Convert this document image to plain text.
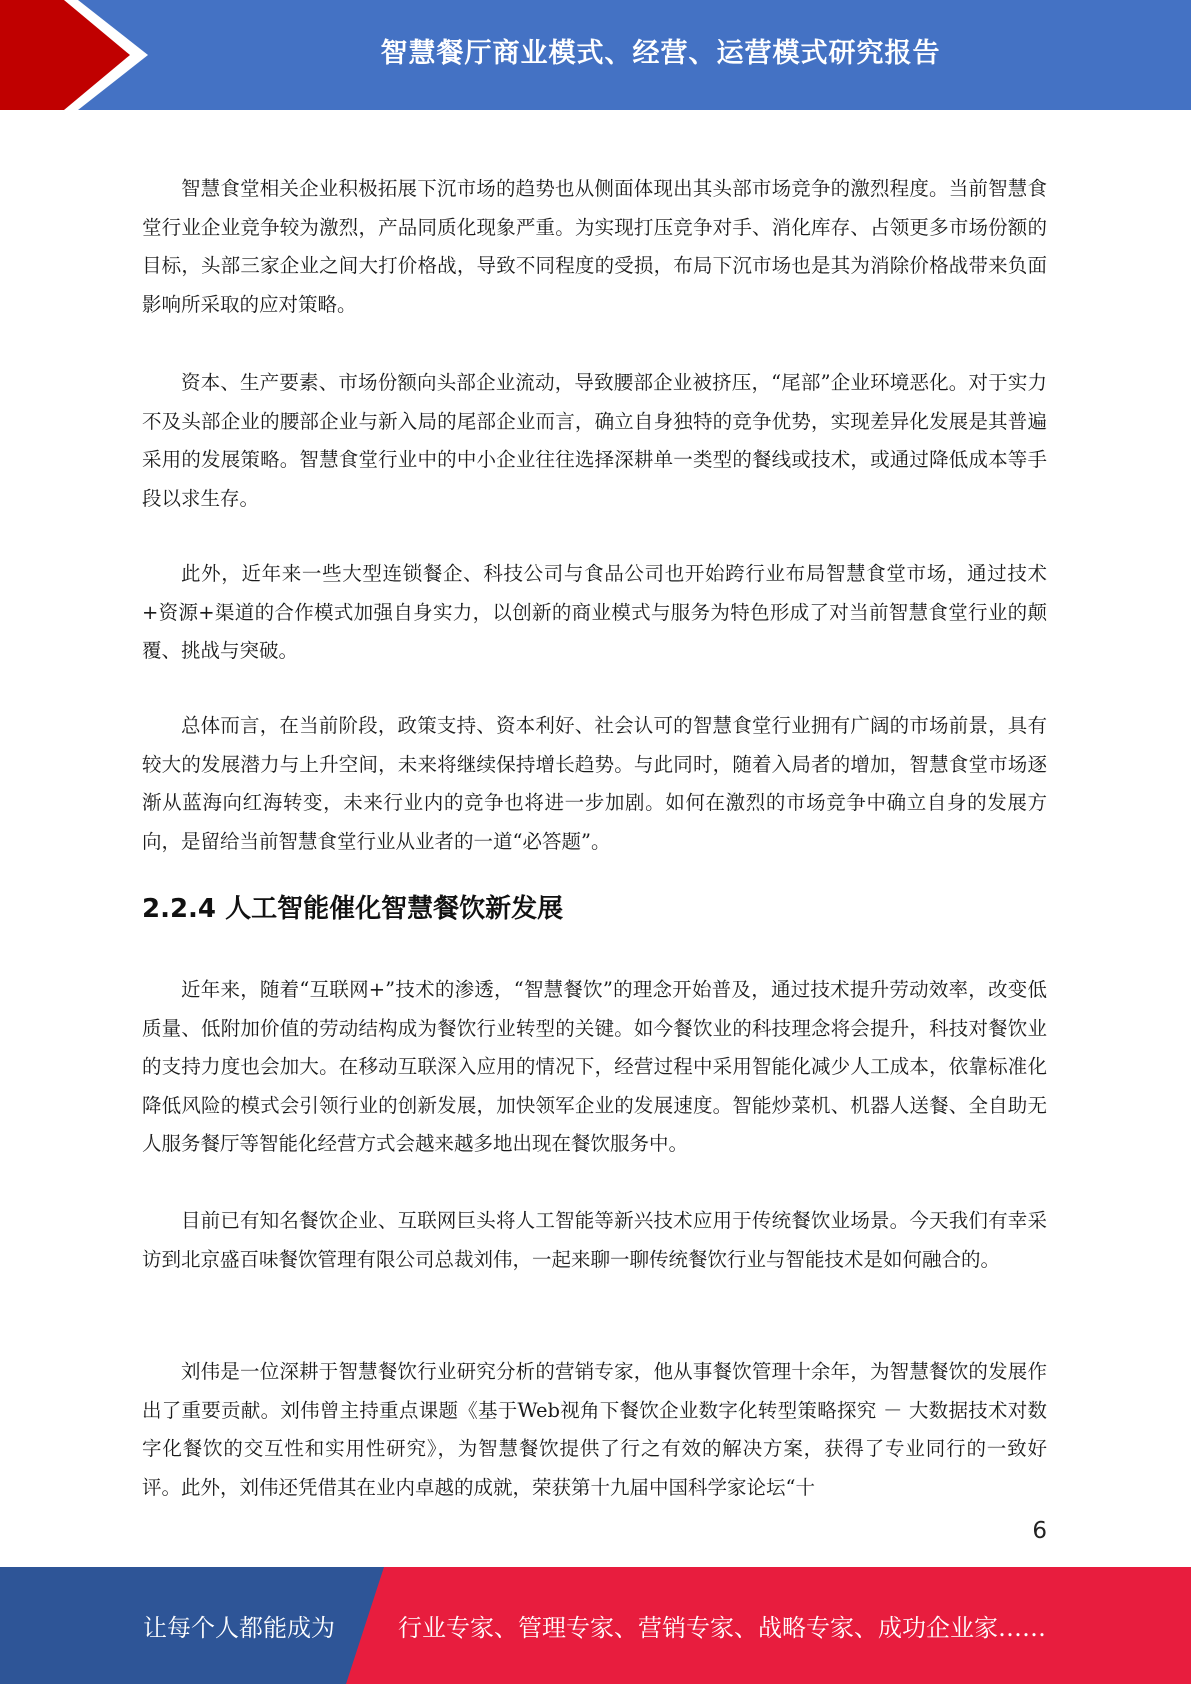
智慧餐厅商业模式、经营、运营模式研究报告

智慧食堂相关企业积极拓展下沉市场的趋势也从侧面体现出其头部市场竞争的激烈程度。当前智慧食堂行业企业竞争较为激烈，产品同质化现象严重。为实现打压竞争对手、消化库存、占领更多市场份额的目标，头部三家企业之间大打价格战，导致不同程度的受损，布局下沉市场也是其为消除价格战带来负面影响所采取的应对策略。

资本、生产要素、市场份额向头部企业流动，导致腰部企业被挤压，“尾部”企业环境恶化。对于实力不及头部企业的腰部企业与新入局的尾部企业而言，确立自身独特的竞争优势，实现差异化发展是其普遍采用的发展策略。智慧食堂行业中的中小企业往往选择深耕单一类型的餐线或技术，或通过降低成本等手段以求生存。

此外，近年来一些大型连锁餐企、科技公司与食品公司也开始跨行业布局智慧食堂市场，通过技术+资源+渠道的合作模式加强自身实力，以创新的商业模式与服务为特色形成了对当前智慧食堂行业的颠覆、挑战与突破。

总体而言，在当前阶段，政策支持、资本利好、社会认可的智慧食堂行业拥有广阔的市场前景，具有较大的发展潜力与上升空间，未来将继续保持增长趋势。与此同时，随着入局者的增加，智慧食堂市场逐渐从蓝海向红海转变，未来行业内的竞争也将进一步加剧。如何在激烈的市场竞争中确立自身的发展方向，是留给当前智慧食堂行业从业者的一道“必答题”。

2.2.4 人工智能催化智慧餐饮新发展

近年来，随着“互联网+”技术的渗透，“智慧餐饮”的理念开始普及，通过技术提升劳动效率，改变低质量、低附加价值的劳动结构成为餐饮行业转型的关键。如今餐饮业的科技理念将会提升，科技对餐饮业的支持力度也会加大。在移动互联深入应用的情况下，经营过程中采用智能化减少人工成本，依靠标准化降低风险的模式会引领行业的创新发展，加快领军企业的发展速度。智能炒菜机、机器人送餐、全自助无人服务餐厅等智能化经营方式会越来越多地出现在餐饮服务中。

目前已有知名餐饮企业、互联网巨头将人工智能等新兴技术应用于传统餐饮业场景。今天我们有幸采访到北京盛百味餐饮管理有限公司总裁刘伟，一起来聊一聊传统餐饮行业与智能技术是如何融合的。

刘伟是一位深耕于智慧餐饮行业研究分析的营销专家，他从事餐饮管理十余年，为智慧餐饮的发展作出了重要贡献。刘伟曾主持重点课题《基于Web视角下餐饮企业数字化转型策略探究 － 大数据技术对数字化餐饮的交互性和实用性研究》，为智慧餐饮提供了行之有效的解决方案，获得了专业同行的一致好评。此外，刘伟还凭借其在业内卓越的成就，荣获第十九届中国科学家论坛“十

6
让每个人都能成为	行业专家、管理专家、营销专家、战略专家、成功企业家……
